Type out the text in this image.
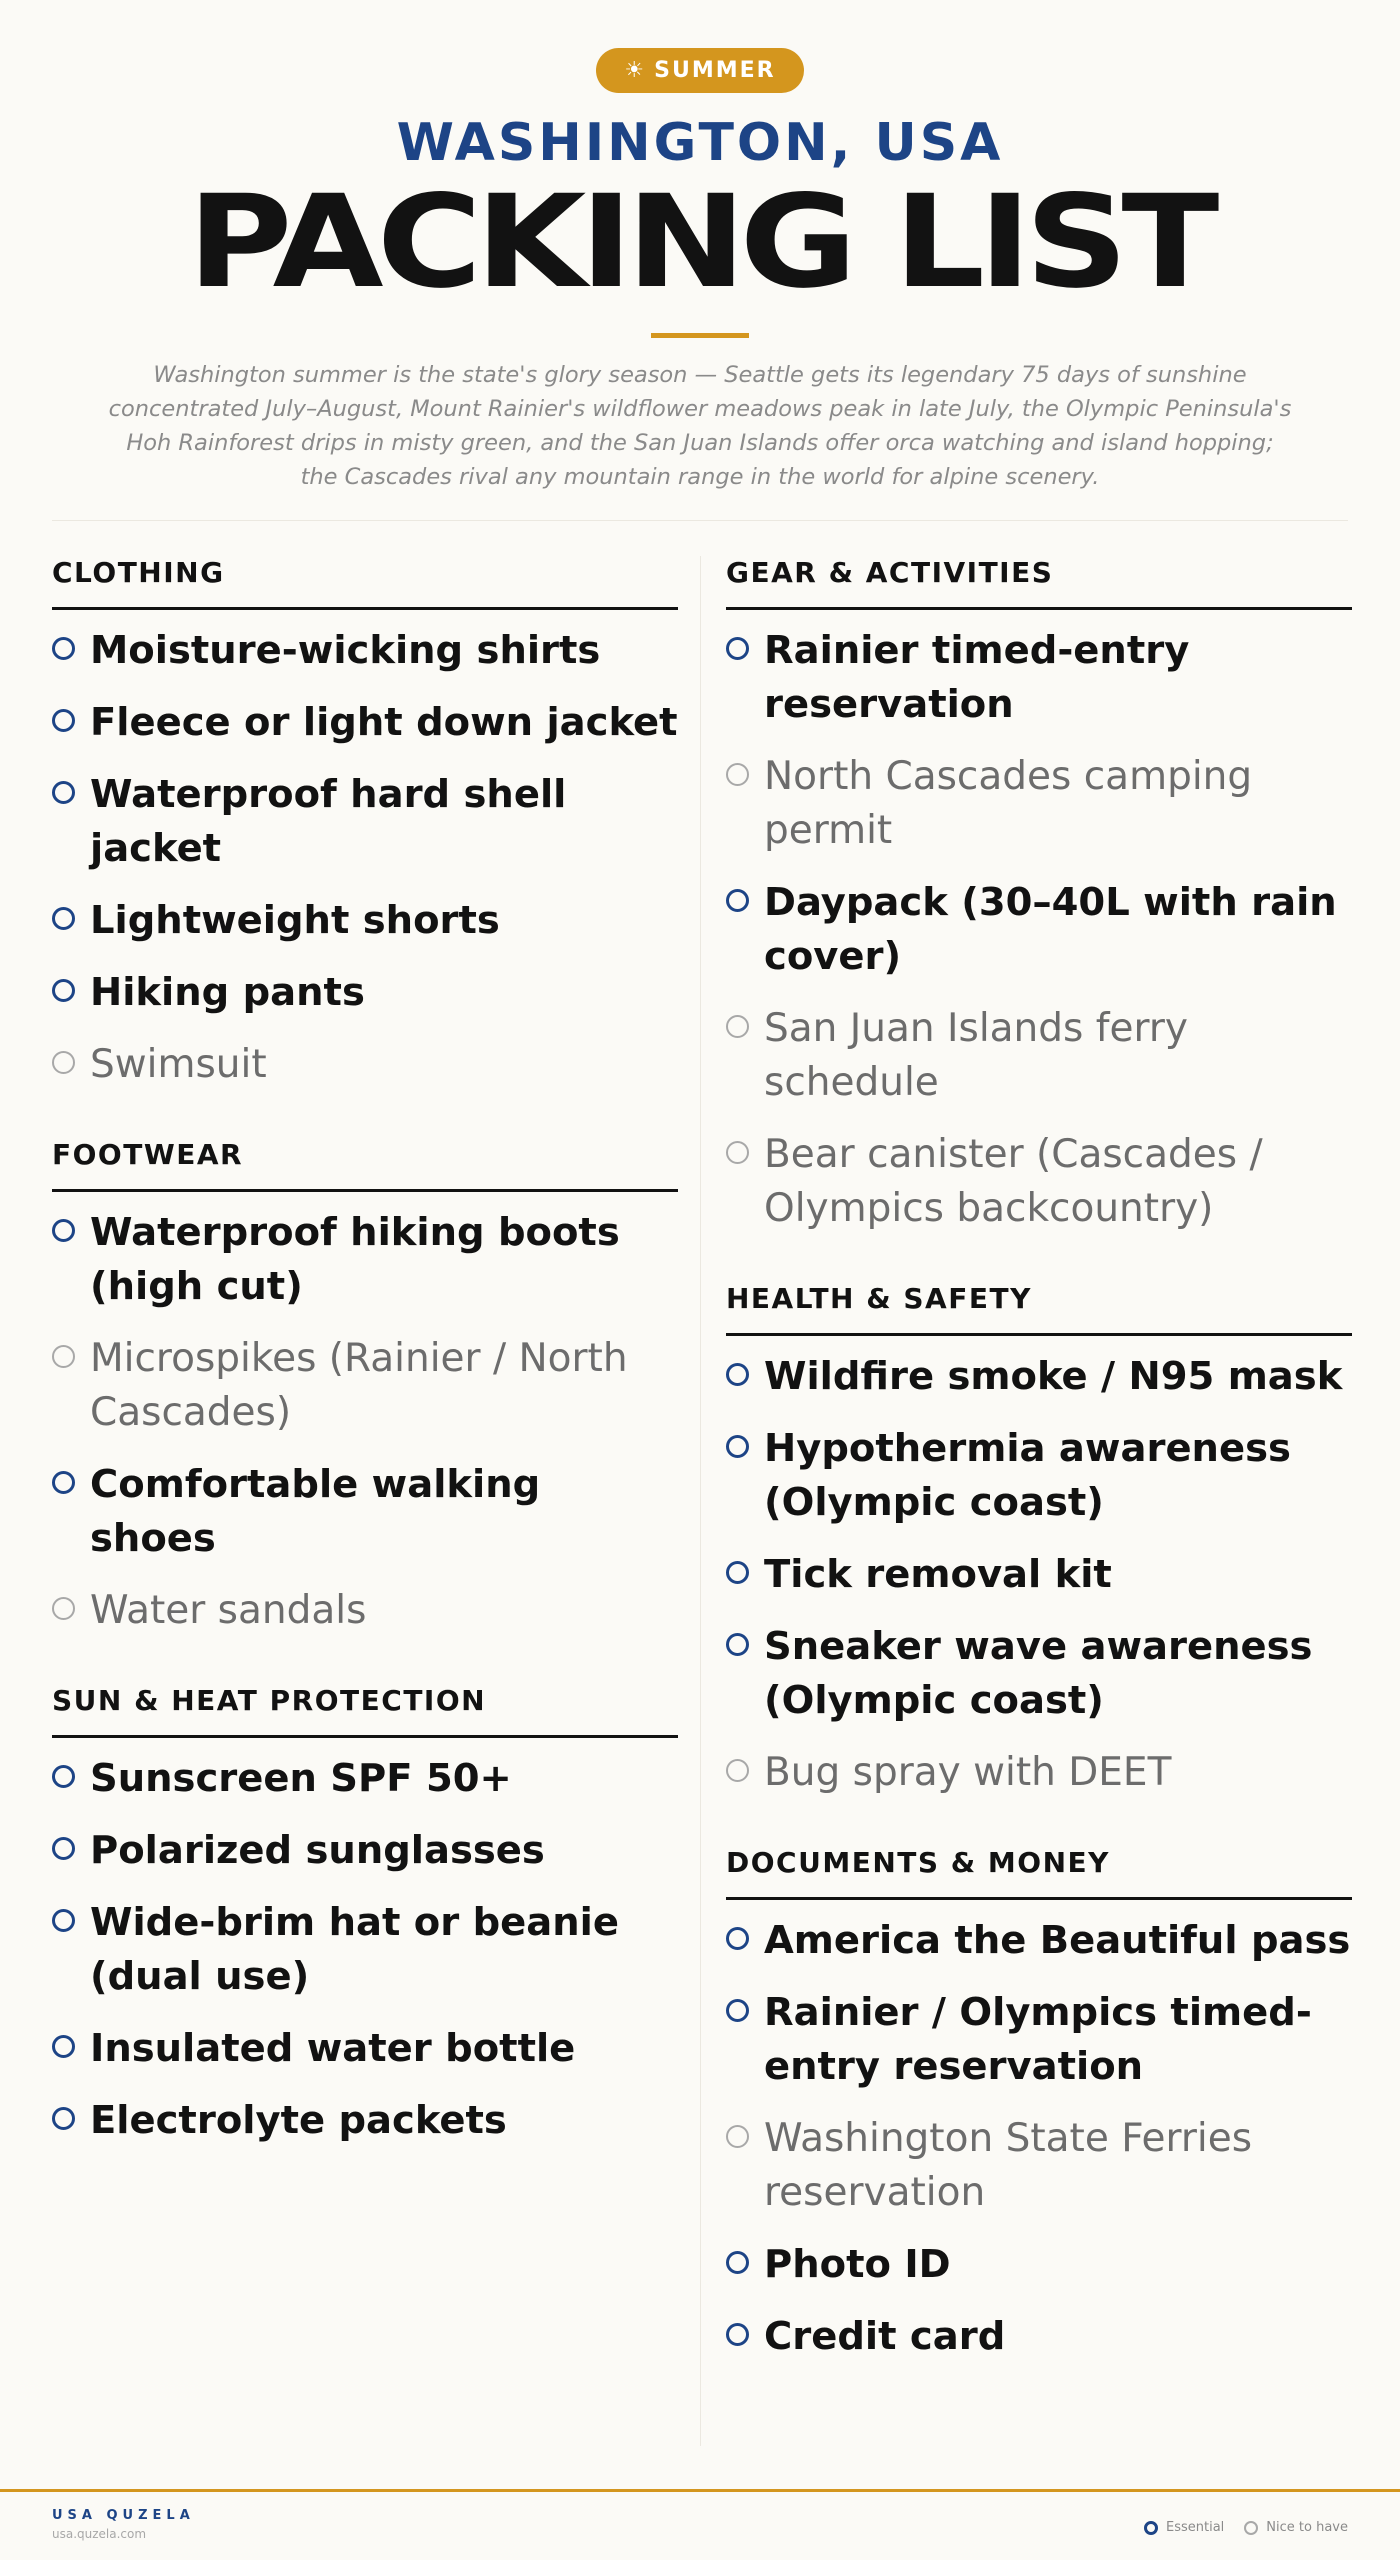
☀ SUMMER
WASHINGTON, USA
PACKING LIST

Washington summer is the state's glory season — Seattle gets its legendary 75 days of sunshine concentrated July–August, Mount Rainier's wildflower meadows peak in late July, the Olympic Peninsula's Hoh Rainforest drips in misty green, and the San Juan Islands offer orca watching and island hopping; the Cascades rival any mountain range in the world for alpine scenery.

CLOTHING
Moisture-wicking shirts
Fleece or light down jacket
Waterproof hard shell jacket
Lightweight shorts
Hiking pants
Swimsuit
FOOTWEAR
Waterproof hiking boots (high cut)
Microspikes (Rainier / North Cascades)
Comfortable walking shoes
Water sandals
SUN & HEAT PROTECTION
Sunscreen SPF 50+
Polarized sunglasses
Wide-brim hat or beanie (dual use)
Insulated water bottle
Electrolyte packets
GEAR & ACTIVITIES
Rainier timed-entry reservation
North Cascades camping permit
Daypack (30–40L with rain cover)
San Juan Islands ferry schedule
Bear canister (Cascades / Olympics backcountry)
HEALTH & SAFETY
Wildfire smoke / N95 mask
Hypothermia awareness (Olympic coast)
Tick removal kit
Sneaker wave awareness (Olympic coast)
Bug spray with DEET
DOCUMENTS & MONEY
America the Beautiful pass
Rainier / Olympics timed-entry reservation
Washington State Ferries reservation
Photo ID
Credit card
USA QUZELA
usa.quzela.com	Essential	Nice to have
